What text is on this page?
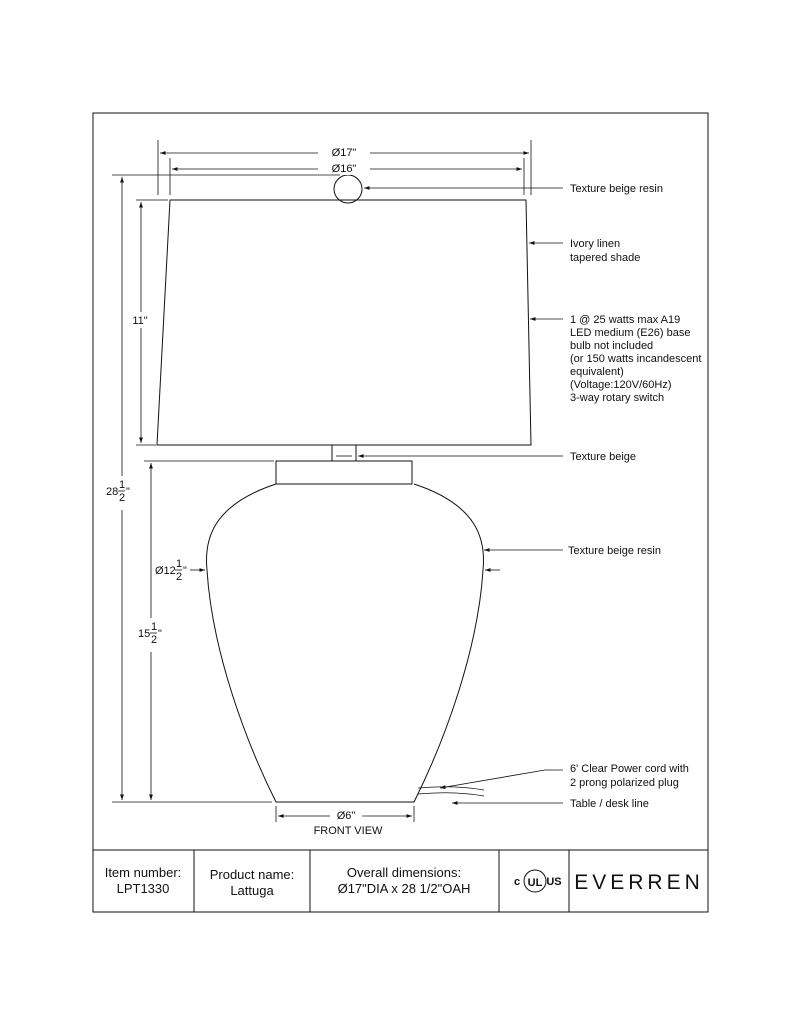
Ø17"
Ø16"
28
1
2 "
11"
15
1
2 "
Ø12
1
2 "
Ø6"
FRONT VIEW
Texture beige resin
Ivory linen tapered shade
1 @ 25 watts max A19 LED medium (E26) base bulb not included (or 150 watts incandescent equivalent) (Voltage:120V/60Hz) 3-way rotary switch
Texture beige
Texture beige resin
6' Clear Power cord with 2 prong polarized plug
Table / desk line
Item number:
LPT1330
Product name:
Lattuga
Overall dimensions:
Ø17"DIA x 28 1/2"OAH	UL
c US EVERREN
